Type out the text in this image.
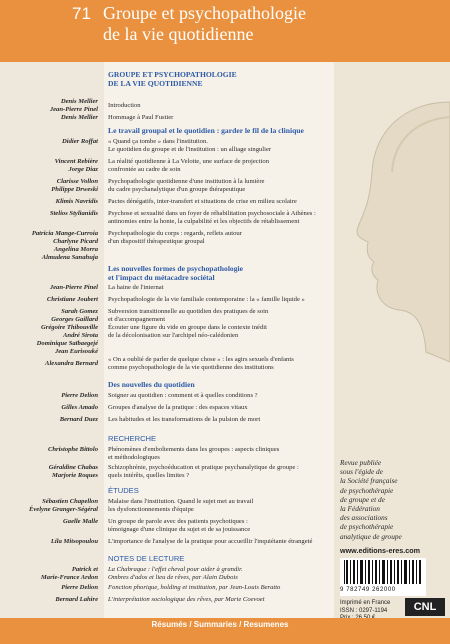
71 Groupe et psychopathologie
de la vie quotidienne
GROUPE ET PSYCHOPATHOLOGIE
DE LA VIE QUOTIDIENNE
Denis Mellier
Jean-Pierre Pinel
Introduction
Denis Mellier Hommage à Paul Fustier
Le travail groupal et le quotidien : garder le fil de la clinique
Didier Roffat « Quand ça tombe » dans l'institution.
Le quotidien du groupe et de l'institution : un alliage singulier
Vincent Rebière
Jorge Diaz
La réalité quotidienne à La Velotte, une surface de projection
confrontée au cadre de soin
Clarisse Vollon
Philippe Drweski
Psychopathologie quotidienne d'une institution à la lumière
du cadre psychanalytique d'un groupe thérapeutique
Klimis Navridis Pactes dénégatifs, inter-transfert et situations de crise en milieu scolaire
Stelios Stylianidis Psychose et sexualité dans un foyer de réhabilitation psychosociale à Athènes :
antinomies entre la honte, la culpabilité et les objectifs de rétablissement
Patricia Mange-Curroia
Charlyne Picard
Angelina Morra
Almudena Sanahuja
Psychopathologie du corps : regards, reflets autour
d'un dispositif thérapeutique groupal
Les nouvelles formes de psychopathologie
et l'impact du métacadre sociétal
Jean-Pierre Pinel La haine de l'internat
Christiane Joubert Psychopathologie de la vie familiale contemporaine : la « famille liquide »
Sarah Gomez
Georges Gaillard
Subversion transitionnelle au quotidien des pratiques de soin
et d'accompagnement
Grégoire Thibouville
André Sirota
Dominique Saïbaegejé
Jean Eurisouké
Écouter une figure du vide en groupe dans le contexte inédit
de la décolonisation sur l'archipel néo-calédonien
Alexandra Bernard
« On a oublié de parler de quelque chose » : les agirs sexuels d'enfants
comme psychopathologie de la vie quotidienne des institutions
Des nouvelles du quotidien
Pierre Delion Soigner au quotidien : comment et à quelles conditions ?
Gilles Amado Groupes d'analyse de la pratique : des espaces vitaux
Bernard Duez Les habitudes et les transformations de la pulsion de mort
RECHERCHE
Christophe Bittolo Phénomènes d'emboîtements dans les groupes : aspects cliniques
et méthodologiques
Géraldine Chabas
Marjorie Roques
Schizophrénie, psychoéducation et pratique psychanalytique de groupe :
quels intérêts, quelles limites ?
ÉTUDES
Sébastien Chapellon
Évelyne Granger-Ségéral
Malaise dans l'institution. Quand le sujet met au travail
les dysfonctionnements d'équipe
Gaelle Malle Un groupe de parole avec des patients psychotiques :
témoignage d'une clinique du sujet et de sa jouissance
Lila Mitsopoulou L'importance de l'analyse de la pratique pour accueillir l'inquiétante étrangeté
NOTES DE LECTURE
Patrick et
Marie-France Ardon
La Chabraque : l'effet cheval pour aider à grandir.
Ombres d'ados et lieu de rêves, par Alain Dubois
Pierre Delion Fonction phorique, holding et institution, par Jean-Louis Beratto
Bernard Lahire L'interprétation sociologique des rêves, par Marie Coevoet
Revue publiée
sous l'égide de
la Société française
de psychothérapie
de groupe et de
la Fédération
des associations
de psychothérapie
analytique de groupe
www.editions-eres.com
9 782749 262000
Imprimé en France
ISSN : 0297-1194
	CNL
Résumés / Summaries / Resumenes
